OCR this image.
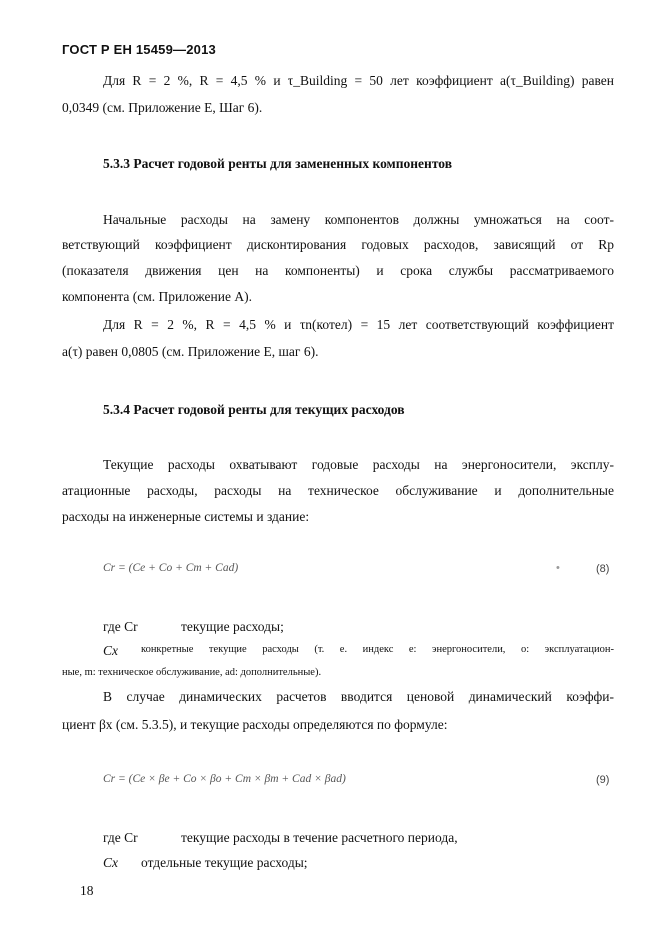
ГОСТ Р ЕН 15459—2013
Для R = 2 %, R = 4,5 % и τ_Building = 50 лет коэффициент a(τ_Building) равен
0,0349 (см. Приложение Е, Шаг 6).
5.3.3 Расчет годовой ренты для замененных компонентов
Начальные расходы на замену компонентов должны умножаться на соот-
ветствующий коэффициент дисконтирования годовых расходов, зависящий от Rp
(показателя движения цен на компоненты) и срока службы рассматриваемого
компонента (см. Приложение А).
Для R = 2 %, R = 4,5 % и τn(котел) = 15 лет соответствующий коэффициент
a(τ) равен 0,0805 (см. Приложение Е, шаг 6).
5.3.4 Расчет годовой ренты для текущих расходов
Текущие расходы охватывают годовые расходы на энергоносители, эксплу-
атационные расходы, расходы на техническое обслуживание и дополнительные
расходы на инженерные системы и здание:
Cr = (Ce + Co + Cm + Cad)	•	(8)
где Cr	текущие расходы;
Cx конкретные текущие расходы (т. е. индекс е: энергоносители, о: эксплуатацион-
ные, m: техническое обслуживание, ad: дополнительные).
В случае динамических расчетов вводится ценовой динамический коэффи-
циент βx (см. 5.3.5), и текущие расходы определяются по формуле:
Cr = (Ce × βe + Co × βo + Cm × βm + Cad × βad)	(9)
где Cr	текущие расходы в течение расчетного периода,
Cx отдельные текущие расходы;
18
